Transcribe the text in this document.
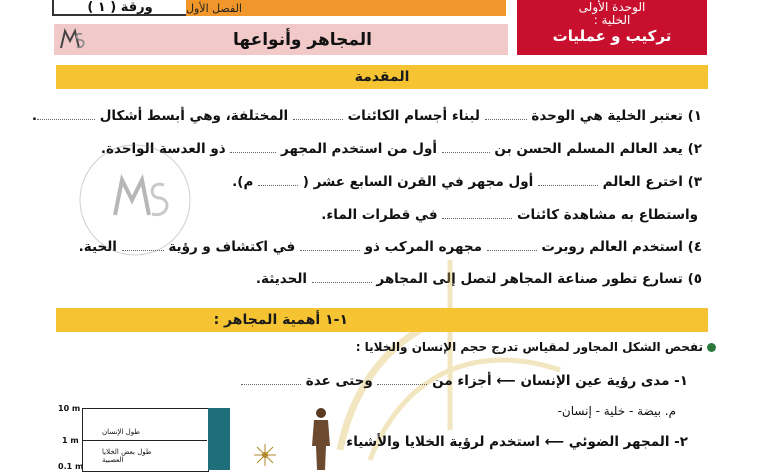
ورقة ( ١ )	الفصل الأول	الوحدة الأولى
الخلية :
تركيب و عمليات
المجاهر وأنواعها
المقدمة
١) تعتبر الخلية هي الوحدة  لبناء أجسام الكائنات  المختلفة، وهي أبسط أشكال .
٢) يعد العالم المسلم الحسن بن  أول من استخدم المجهر  ذو العدسة الواحدة.
٣) اخترع العالم  أول مجهر في القرن السابع عشر (  م).
واستطاع به مشاهدة كائنات  في قطرات الماء.
٤) استخدم العالم روبرت  مجهره المركب ذو  في اكتشاف و رؤية  الحية.
٥) تسارع تطور صناعة المجاهر لتصل إلى المجاهر  الحديثة.
١-١ أهمية المجاهر :
تفحص الشكل المجاور لمقياس تدرج حجم الإنسان والخلايا :
١- مدى رؤية عين الإنسان ⟵ أجزاء من  وحتى عدة
م. بيضة - خلية - إنسان-
٢- المجهر الضوئي ⟵ استخدم لرؤية الخلايا والأشياء
10 m
1 m
0.1 m
طول الإنسان
طول بعض الخلايا العصبية
